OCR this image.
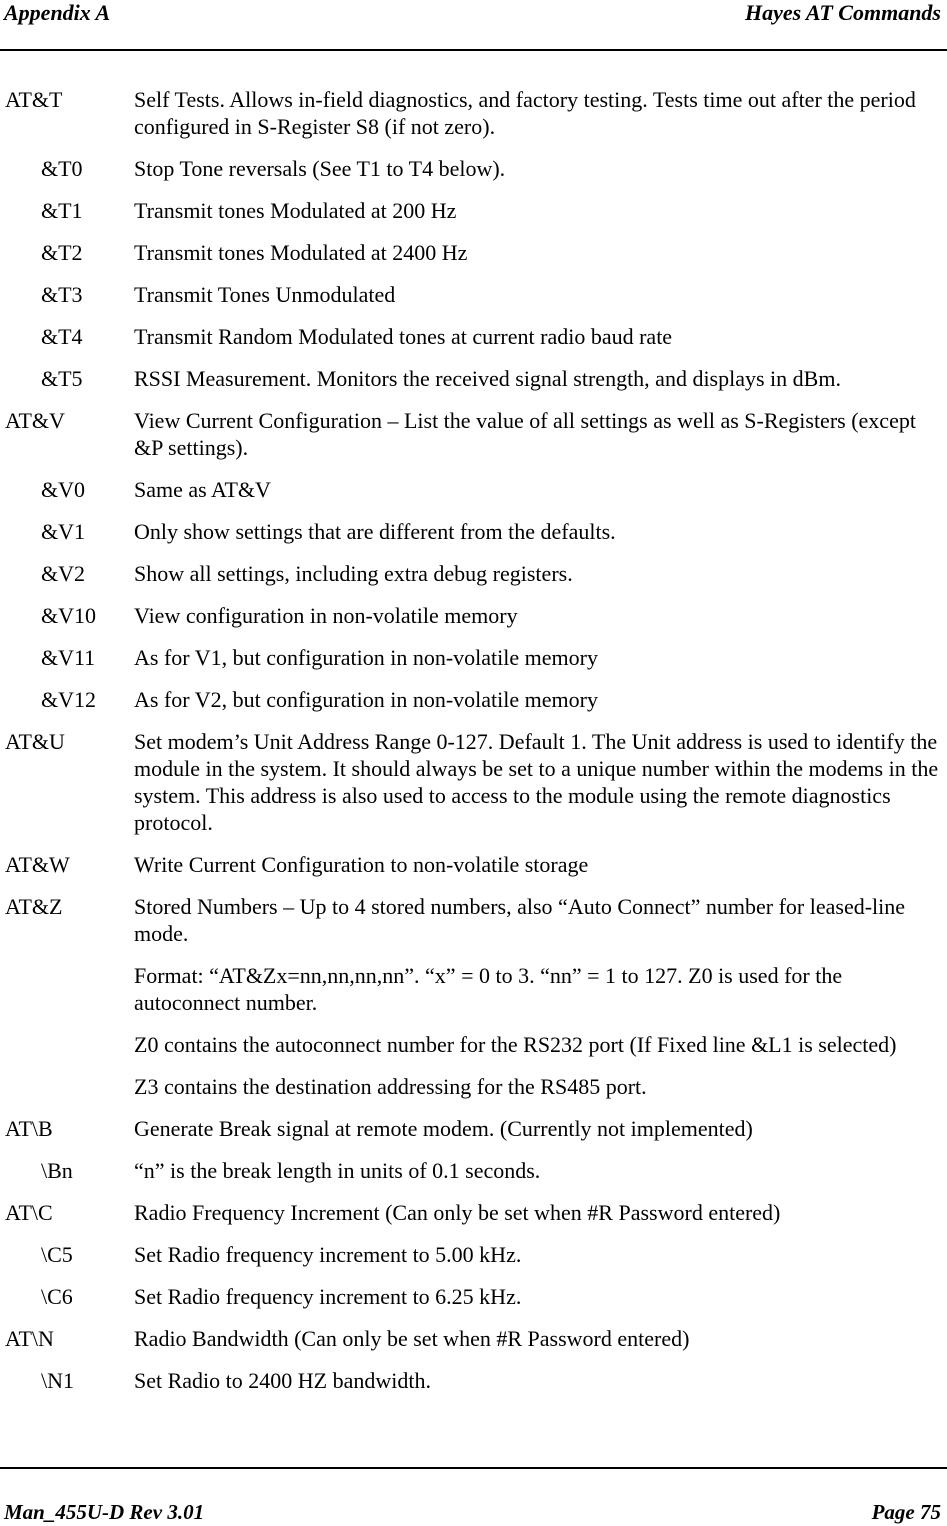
Appendix A	Hayes AT Commands
AT&T	Self Tests. Allows in-field diagnostics, and factory testing. Tests time out after the period configured in S-Register S8 (if not zero).

&T0 Stop Tone reversals (See T1 to T4 below).

&T1 Transmit tones Modulated at 200 Hz

&T2 Transmit tones Modulated at 2400 Hz

&T3 Transmit Tones Unmodulated

&T4 Transmit Random Modulated tones at current radio baud rate

&T5 RSSI Measurement. Monitors the received signal strength, and displays in dBm.

AT&V	View Current Configuration – List the value of all settings as well as S-Registers (except &P settings).

&V0 Same as AT&V

&V1 Only show settings that are different from the defaults.

&V2 Show all settings, including extra debug registers.

&V10 View configuration in non-volatile memory

&V11 As for V1, but configuration in non-volatile memory

&V12 As for V2, but configuration in non-volatile memory

AT&U	Set modem’s Unit Address Range 0-127. Default 1. The Unit address is used to identify the module in the system. It should always be set to a unique number within the modems in the system. This address is also used to access to the module using the remote diagnostics protocol.

AT&W	Write Current Configuration to non-volatile storage

AT&Z	Stored Numbers – Up to 4 stored numbers, also “Auto Connect” number for leased-line mode.

Format: “AT&Zx=nn,nn,nn,nn”. “x” = 0 to 3. “nn” = 1 to 127. Z0 is used for the autoconnect number.

Z0 contains the autoconnect number for the RS232 port (If Fixed line &L1 is selected)

Z3 contains the destination addressing for the RS485 port.

AT\B	Generate Break signal at remote modem. (Currently not implemented)

\Bn	“n” is the break length in units of 0.1 seconds.

AT\C	Radio Frequency Increment (Can only be set when #R Password entered)

\C5	Set Radio frequency increment to 5.00 kHz.

\C6	Set Radio frequency increment to 6.25 kHz.

AT\N	Radio Bandwidth (Can only be set when #R Password entered)

\N1	Set Radio to 2400 HZ bandwidth.

Man_455U-D Rev 3.01	Page 75
